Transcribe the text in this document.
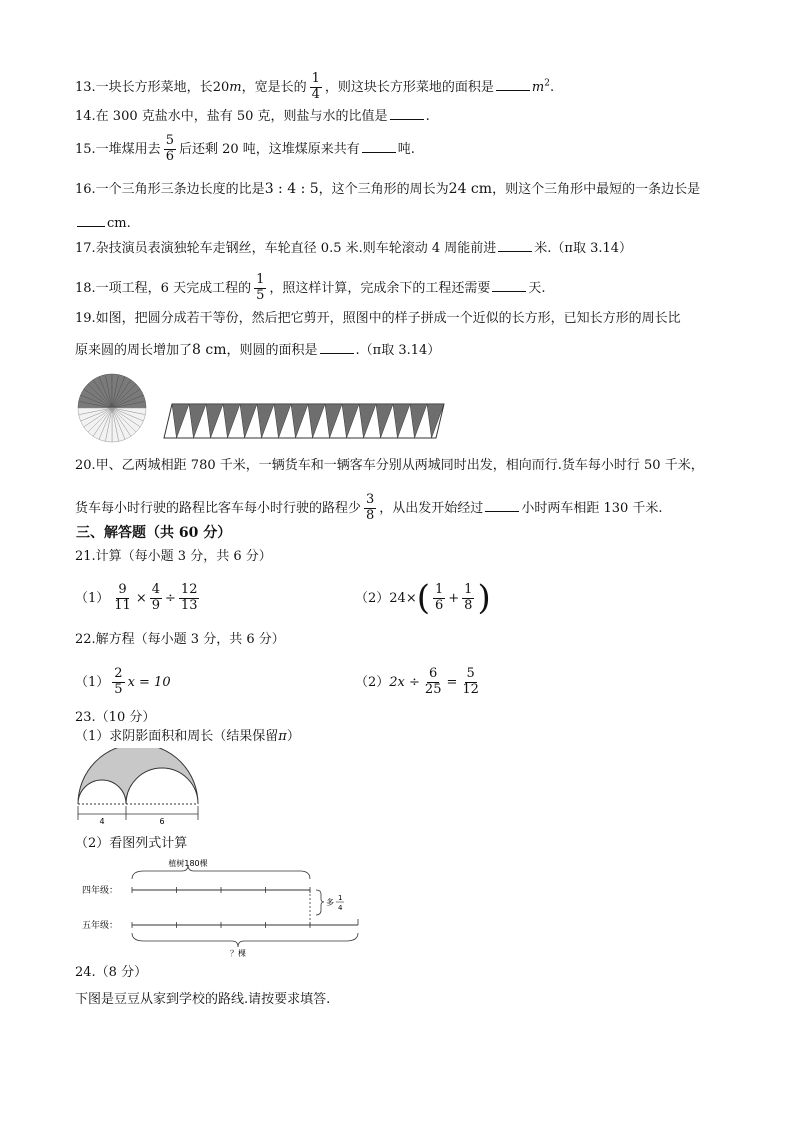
13.一块长方形菜地，长20m，宽是长的 $\frac{1}{4}$ ，则这块长方形菜地的面积是	$m^2$.
14.在 300 克盐水中，盐有 50 克，则盐与水的比值是	.
15.一堆煤用去 $\frac{5}{6}$ 后还剩 20 吨，这堆煤原来共有	吨.
16.一个三角形三条边长度的比是3 : 4 : 5，这个三角形的周长为24 cm，则这个三角形中最短的一条边长是
cm.
17.杂技演员表演独轮车走钢丝，车轮直径 0.5 米.则车轮滚动 4 周能前进	米.（π取 3.14）
18.一项工程，6 天完成工程的 $\frac{1}{5}$ ，照这样计算，完成余下的工程还需要	天.
19.如图，把圆分成若干等份，然后把它剪开，照图中的样子拼成一个近似的长方形，已知长方形的周长比
原来圆的周长增加了8 cm，则圆的面积是	.（π取 3.14）
20.甲、乙两城相距 780 千米，一辆货车和一辆客车分别从两城同时出发，相向而行.货车每小时行 50 千米，
货车每小时行驶的路程比客车每小时行驶的路程少 $\frac{3}{8}$ ，从出发开始经过	小时两车相距 130 千米.
三、解答题（共 60 分）
21.计算（每小题 3 分，共 6 分）
$(1) \frac{9}{11} \times \frac{4}{9} \div \frac{12}{13}$	$(2)24\times( \frac{1}{6} + \frac{1}{8}$ )
22.解方程（每小题 3 分，共 6 分）
$(1) \frac{2}{5}$ x = 10	$(2)2x \div \frac{6}{25} = \frac{5}{12}$
23.（10 分）
（1）求阴影面积和周长（结果保留π）
4	6
（2）看图列式计算
植树180棵
四年级：
多 1
4
五年级：
？棵
24.（8 分）
下图是豆豆从家到学校的路线.请按要求填答.
